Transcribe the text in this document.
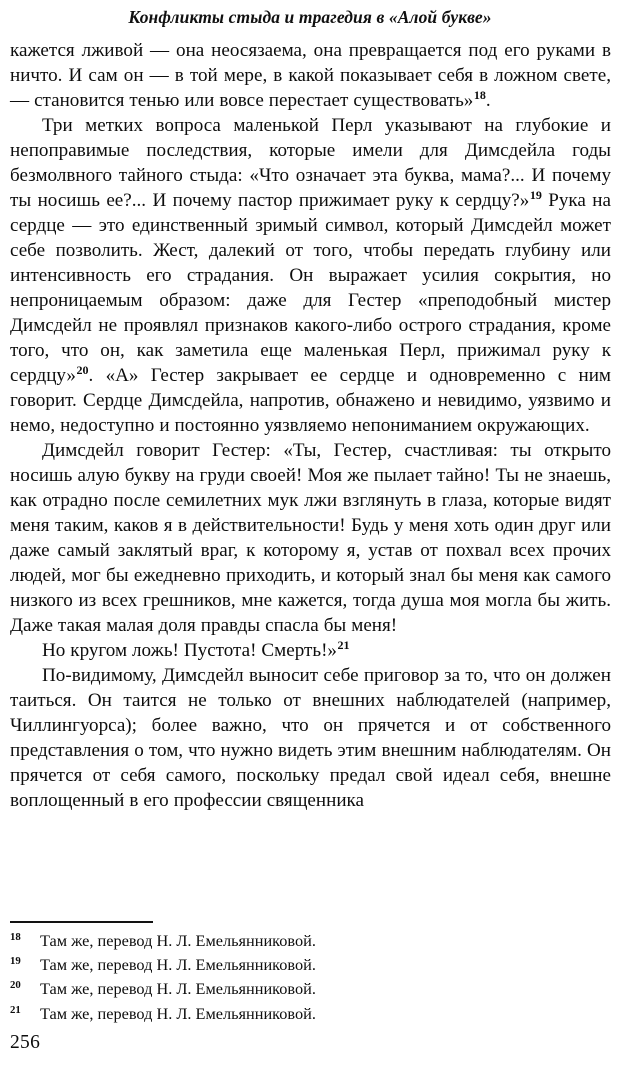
Конфликты стыда и трагедия в «Алой букве»

кажется лживой — она неосязаема, она превращается под его руками в ничто. И сам он — в той мере, в какой показывает себя в ложном свете,— становится тенью или вовсе перестает существовать»$^{18}$.

Три метких вопроса маленькой Перл указывают на глубокие и непоправимые последствия, которые имели для Димсдейла годы безмолвного тайного стыда: «Что означает эта буква, мама?... И почему ты носишь ее?... И почему пастор прижимает руку к сердцу?»$^{19}$ Рука на сердце — это единственный зримый символ, который Димсдейл может себе позволить. Жест, далекий от того, чтобы передать глубину или интенсивность его страдания. Он выражает усилия сокрытия, но непроницаемым образом: даже для Гестер «преподобный мистер Димсдейл не проявлял признаков какого-либо острого страдания, кроме того, что он, как заметила еще маленькая Перл, прижимал руку к сердцу»$^{20}$. «А» Гестер закрывает ее сердце и одновременно с ним говорит. Сердце Димсдейла, напротив, обнажено и невидимо, уязвимо и немо, недоступно и постоянно уязвляемо непониманием окружающих.

Димсдейл говорит Гестер: «Ты, Гестер, счастливая: ты открыто носишь алую букву на груди своей! Моя же пылает тайно! Ты не знаешь, как отрадно после семилетних мук лжи взглянуть в глаза, которые видят меня таким, каков я в действительности! Будь у меня хоть один друг или даже самый заклятый враг, к которому я, устав от похвал всех прочих людей, мог бы ежедневно приходить, и который знал бы меня как самого низкого из всех грешников, мне кажется, тогда душа моя могла бы жить. Даже такая малая доля правды спасла бы меня!

Но кругом ложь! Пустота! Смерть!»$^{21}$

По-видимому, Димсдейл выносит себе приговор за то, что он должен таиться. Он таится не только от внешних наблюдателей (например, Чиллингуорса); более важно, что он прячется и от собственного представления о том, что нужно видеть этим внешним наблюдателям. Он прячется от себя самого, поскольку предал свой идеал себя, внешне воплощенный в его профессии священника

18	Там же, перевод Н. Л. Емельянниковой.
19	Там же, перевод Н. Л. Емельянниковой.
20	Там же, перевод Н. Л. Емельянниковой.
21	Там же, перевод Н. Л. Емельянниковой.
256
